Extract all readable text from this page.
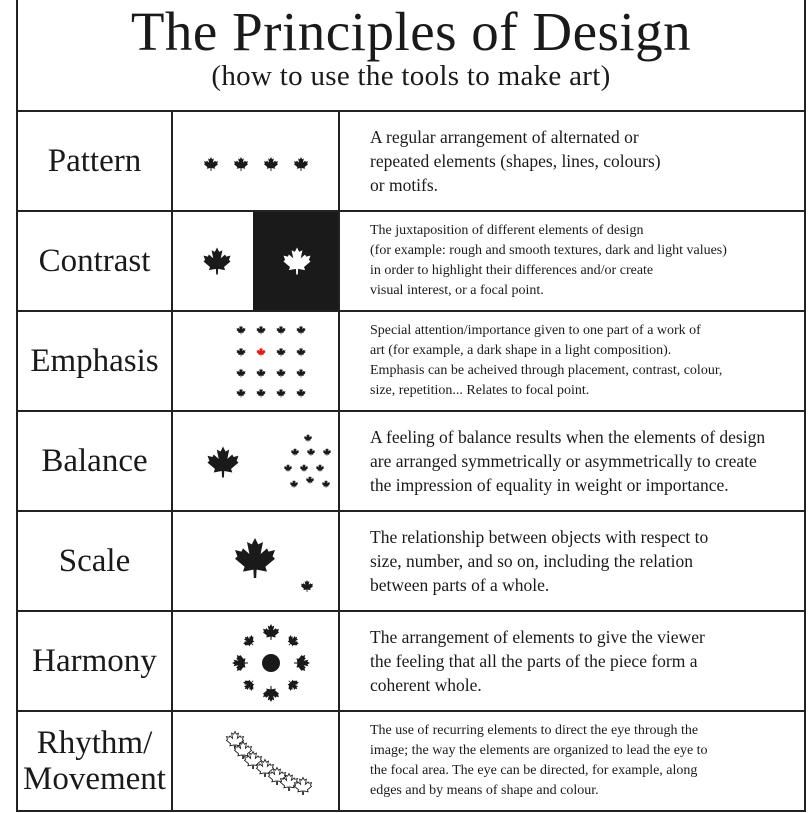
The Principles of Design
(how to use the tools to make art)
Pattern
A regular arrangement of alternated or
repeated elements (shapes, lines, colours)
or motifs.
Contrast
The juxtaposition of different elements of design
(for example: rough and smooth textures, dark and light values)
in order to highlight their differences and/or create
visual interest, or a focal point.
Emphasis
Special attention/importance given to one part of a work of
art (for example, a dark shape in a light composition).
Emphasis can be acheived through placement, contrast, colour,
size, repetition... Relates to focal point.
Balance
A feeling of balance results when the elements of design
are arranged symmetrically or asymmetrically to create
the impression of equality in weight or importance.
Scale
The relationship between objects with respect to
size, number, and so on, including the relation
between parts of a whole.
Harmony
The arrangement of elements to give the viewer
the feeling that all the parts of the piece form a
coherent whole.
Rhythm/
Movement
The use of recurring elements to direct the eye through the
image; the way the elements are organized to lead the eye to
the focal area. The eye can be directed, for example, along
edges and by means of shape and colour.
